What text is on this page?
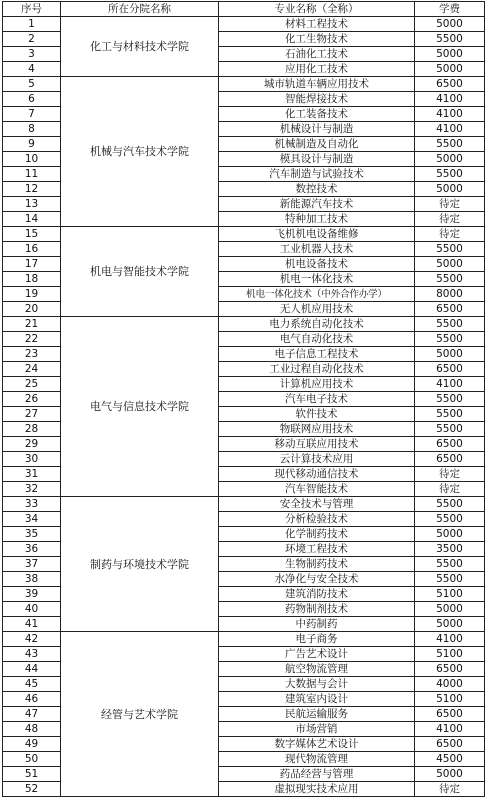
序号	所在分院名称	专业名称（全称）	学费
1	化工与材料技术学院	材料工程技术	5000
2		化工生物技术	5500
3		石油化工技术	5000
4		应用化工技术	5000
5	机械与汽车技术学院	城市轨道车辆应用技术	6500
6		智能焊接技术	4100
7		化工装备技术	4100
8		机械设计与制造	4100
9		机械制造及自动化	5500
10		模具设计与制造	5000
11		汽车制造与试验技术	5500
12		数控技术	5000
13		新能源汽车技术	待定
14		特种加工技术	待定
15	机电与智能技术学院	飞机机电设备维修	待定
16		工业机器人技术	5500
17		机电设备技术	5000
18		机电一体化技术	5500
19		机电一体化技术（中外合作办学）	8000
20		无人机应用技术	6500
21	电气与信息技术学院	电力系统自动化技术	5500
22		电气自动化技术	5500
23		电子信息工程技术	5000
24		工业过程自动化技术	6500
25		计算机应用技术	4100
26		汽车电子技术	5500
27		软件技术	5500
28		物联网应用技术	5500
29		移动互联应用技术	6500
30		云计算技术应用	6500
31		现代移动通信技术	待定
32		汽车智能技术	待定
33	制药与环境技术学院	安全技术与管理	5500
34		分析检验技术	5500
35		化学制药技术	5000
36		环境工程技术	3500
37		生物制药技术	5500
38		水净化与安全技术	5500
39		建筑消防技术	5100
40		药物制剂技术	5000
41		中药制药	5000
42	经管与艺术学院	电子商务	4100
43		广告艺术设计	5100
44		航空物流管理	6500
45		大数据与会计	4000
46		建筑室内设计	5100
47		民航运输服务	6500
48		市场营销	4100
49		数字媒体艺术设计	6500
50		现代物流管理	4500
51		药品经营与管理	5000
52		虚拟现实技术应用	待定
